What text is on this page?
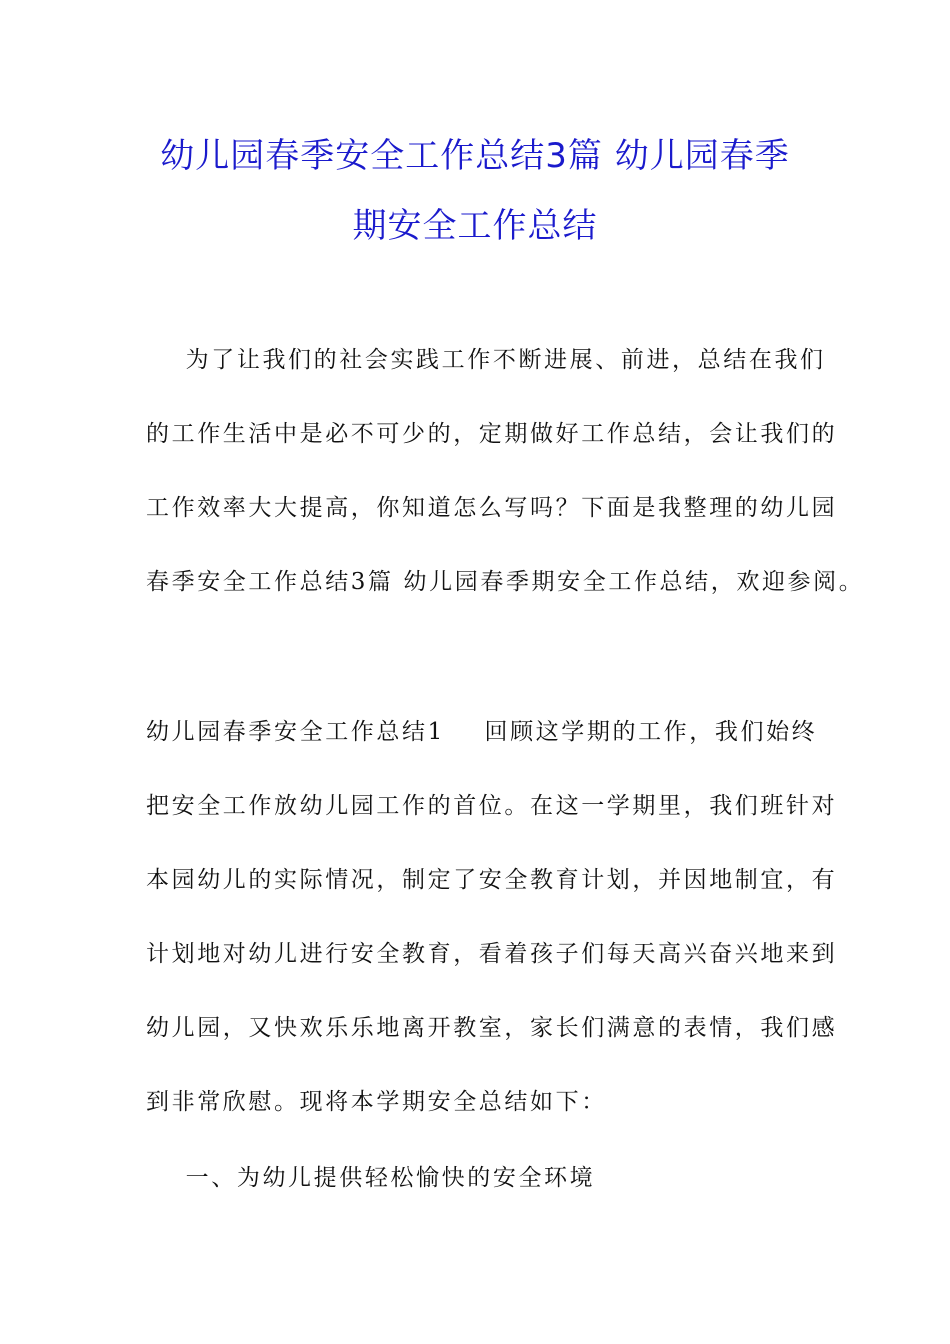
幼儿园春季安全工作总结3篇 幼儿园春季
期安全工作总结
为了让我们的社会实践工作不断进展、前进，总结在我们
的工作生活中是必不可少的，定期做好工作总结，会让我们的
工作效率大大提高，你知道怎么写吗？下面是我整理的幼儿园
春季安全工作总结3篇 幼儿园春季期安全工作总结，欢迎参阅。
幼儿园春季安全工作总结1    回顾这学期的工作，我们始终
把安全工作放幼儿园工作的首位。在这一学期里，我们班针对
本园幼儿的实际情况，制定了安全教育计划，并因地制宜，有
计划地对幼儿进行安全教育，看着孩子们每天高兴奋兴地来到
幼儿园，又快欢乐乐地离开教室，家长们满意的表情，我们感
到非常欣慰。现将本学期安全总结如下：
一、为幼儿提供轻松愉快的安全环境
